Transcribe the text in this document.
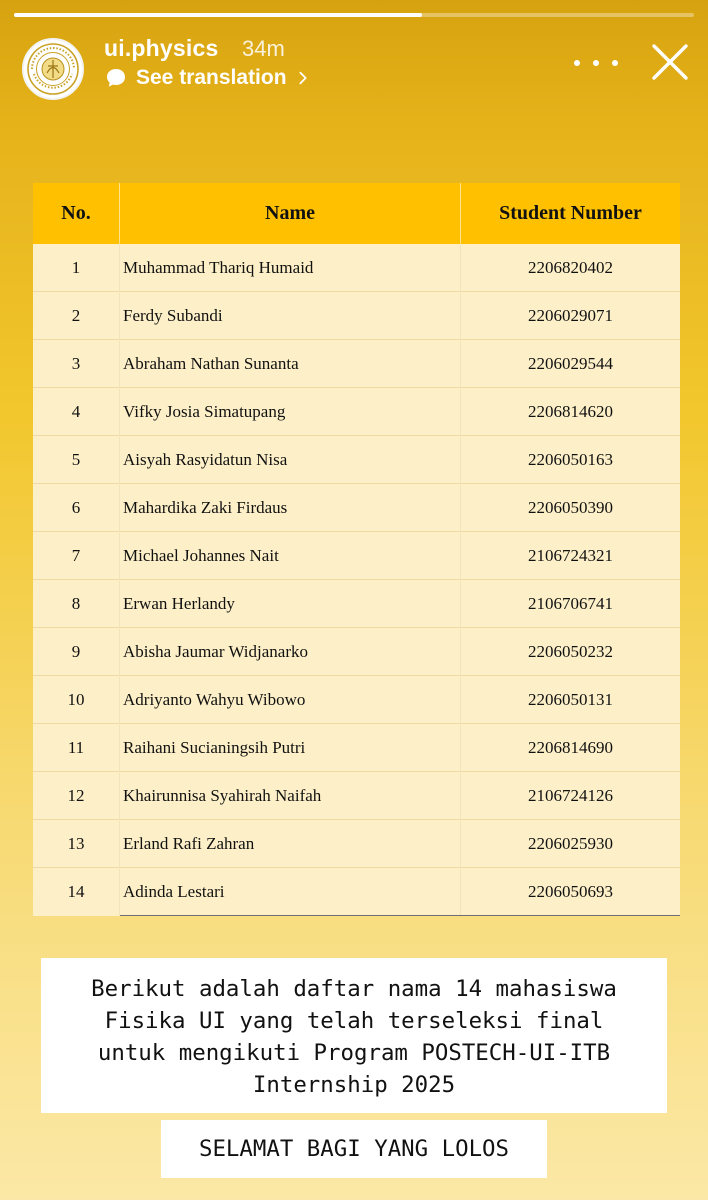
ui.physics 34m
See translation
No.	Name	Student Number
1	Muhammad Thariq Humaid	2206820402
2	Ferdy Subandi	2206029071
3	Abraham Nathan Sunanta	2206029544
4	Vifky Josia Simatupang	2206814620
5	Aisyah Rasyidatun Nisa	2206050163
6	Mahardika Zaki Firdaus	2206050390
7	Michael Johannes Nait	2106724321
8	Erwan Herlandy	2106706741
9	Abisha Jaumar Widjanarko	2206050232
10	Adriyanto Wahyu Wibowo	2206050131
11	Raihani Sucianingsih Putri	2206814690
12	Khairunnisa Syahirah Naifah	2106724126
13	Erland Rafi Zahran	2206025930
14	Adinda Lestari	2206050693
Berikut adalah daftar nama 14 mahasiswa
Fisika UI yang telah terseleksi final
untuk mengikuti Program POSTECH-UI-ITB
Internship 2025
SELAMAT BAGI YANG LOLOS
